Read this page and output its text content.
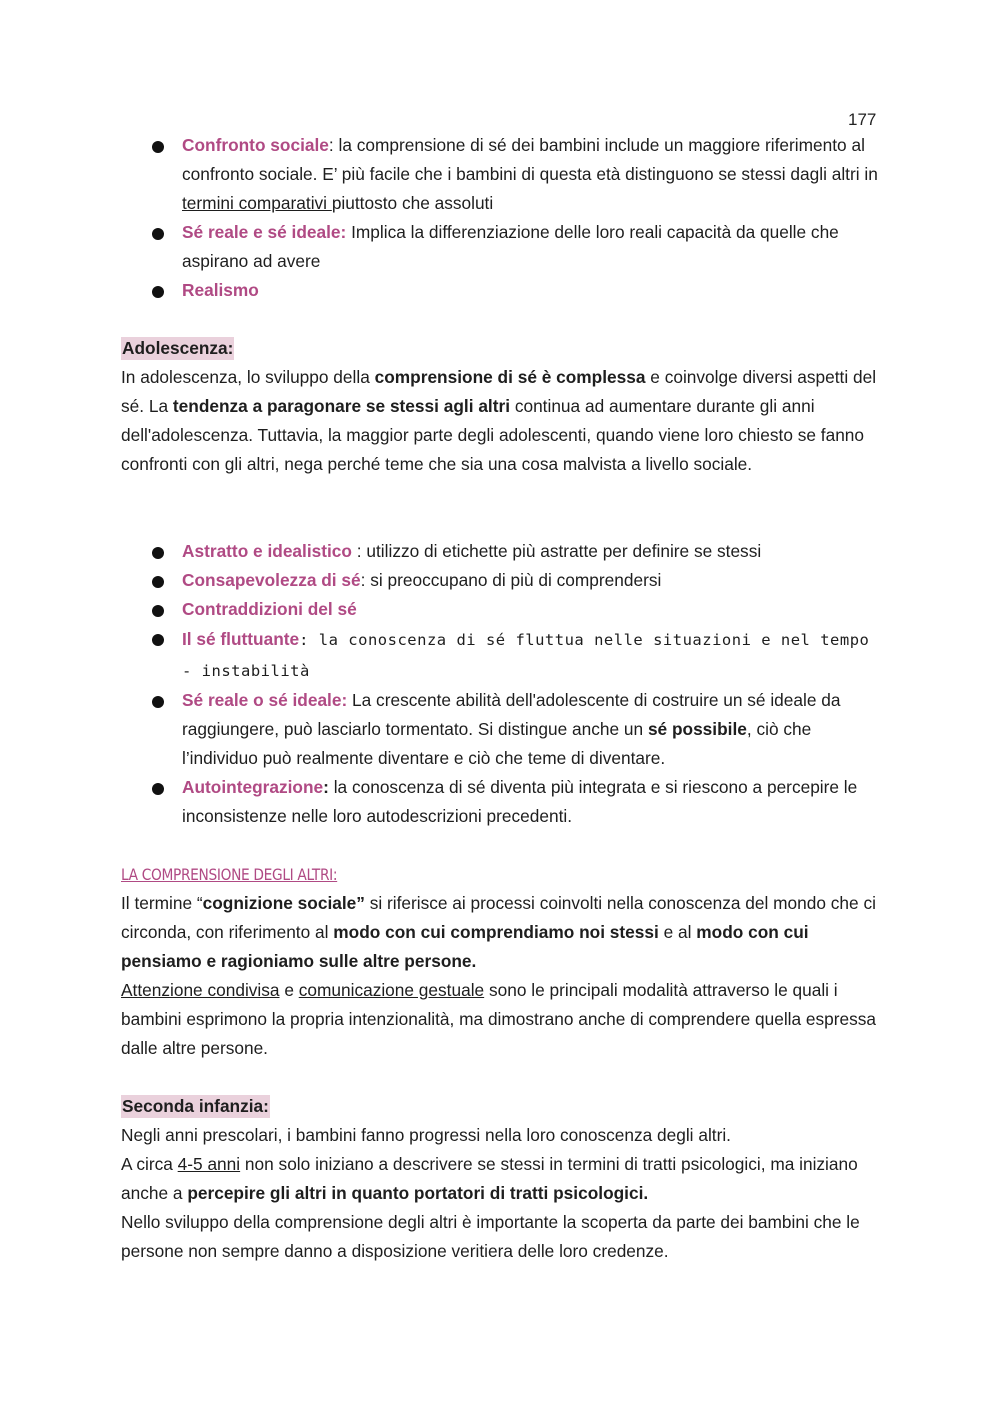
177
Confronto sociale: la comprensione di sé dei bambini include un maggiore riferimento al confronto sociale. E’ più facile che i bambini di questa età distinguono se stessi dagli altri in termini comparativi piuttosto che assoluti
Sé reale e sé ideale: Implica la differenziazione delle loro reali capacità da quelle che aspirano ad avere
Realismo

Adolescenza:

In adolescenza, lo sviluppo della comprensione di sé è complessa e coinvolge diversi aspetti del sé. La tendenza a paragonare se stessi agli altri continua ad aumentare durante gli anni dell'adolescenza. Tuttavia, la maggior parte degli adolescenti, quando viene loro chiesto se fanno confronti con gli altri, nega perché teme che sia una cosa malvista a livello sociale.

Astratto e idealistico : utilizzo di etichette più astratte per definire se stessi
Consapevolezza di sé: si preoccupano di più di comprendersi
Contraddizioni del sé
Il sé fluttuante: la conoscenza di sé fluttua nelle situazioni e nel tempo - instabilità
Sé reale o sé ideale: La crescente abilità dell'adolescente di costruire un sé ideale da raggiungere, può lasciarlo tormentato. Si distingue anche un sé possibile, ciò che l’individuo può realmente diventare e ciò che teme di diventare.
Autointegrazione: la conoscenza di sé diventa più integrata e si riescono a percepire le inconsistenze nelle loro autodescrizioni precedenti.

LA COMPRENSIONE DEGLI ALTRI:

Il termine “cognizione sociale” si riferisce ai processi coinvolti nella conoscenza del mondo che ci circonda, con riferimento al modo con cui comprendiamo noi stessi e al modo con cui pensiamo e ragioniamo sulle altre persone.

Attenzione condivisa e comunicazione gestuale sono le principali modalità attraverso le quali i bambini esprimono la propria intenzionalità, ma dimostrano anche di comprendere quella espressa dalle altre persone.

Seconda infanzia:

Negli anni prescolari, i bambini fanno progressi nella loro conoscenza degli altri.

A circa 4-5 anni non solo iniziano a descrivere se stessi in termini di tratti psicologici, ma iniziano anche a percepire gli altri in quanto portatori di tratti psicologici.

Nello sviluppo della comprensione degli altri è importante la scoperta da parte dei bambini che le persone non sempre danno a disposizione veritiera delle loro credenze.
